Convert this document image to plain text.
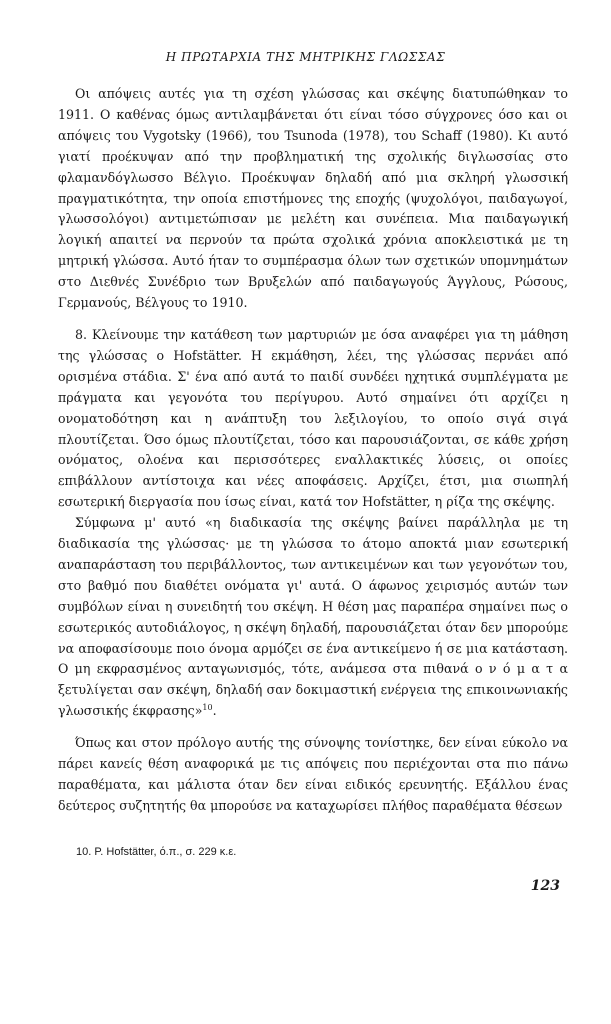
Η ΠΡΩΤΑΡΧΙΑ ΤΗΣ ΜΗΤΡΙΚΗΣ ΓΛΩΣΣΑΣ

Οι απόψεις αυτές για τη σχέση γλώσσας και σκέψης διατυπώθηκαν το 1911. Ο καθένας όμως αντιλαμβάνεται ότι είναι τόσο σύγχρονες όσο και οι απόψεις του Vygotsky (1966), του Tsunoda (1978), του Schaff (1980). Κι αυτό γιατί προέκυψαν από την προβληματική της σχολικής διγλωσσίας στο φλαμανδόγλωσσο Βέλγιο. Προέκυψαν δηλαδή από μια σκληρή γλωσσική πραγματικότητα, την οποία επιστήμονες της εποχής (ψυχολόγοι, παιδαγωγοί, γλωσσολόγοι) αντιμετώπισαν με μελέτη και συνέπεια. Μια παιδαγωγική λογική απαιτεί να περνούν τα πρώτα σχολικά χρόνια αποκλειστικά με τη μητρική γλώσσα. Αυτό ήταν το συμπέρασμα όλων των σχετικών υπομνημάτων στο Διεθνές Συνέδριο των Βρυξελών από παιδαγωγούς Άγγλους, Ρώσους, Γερμανούς, Βέλγους το 1910.

8. Κλείνουμε την κατάθεση των μαρτυριών με όσα αναφέρει για τη μάθηση της γλώσσας ο Hofstätter. Η εκμάθηση, λέει, της γλώσσας περνάει από ορισμένα στάδια. Σ' ένα από αυτά το παιδί συνδέει ηχητικά συμπλέγματα με πράγματα και γεγονότα του περίγυρου. Αυτό σημαίνει ότι αρχίζει η ονοματοδότηση και η ανάπτυξη του λεξιλογίου, το οποίο σιγά σιγά πλουτίζεται. Όσο όμως πλουτίζεται, τόσο και παρουσιάζονται, σε κάθε χρήση ονόματος, ολοένα και περισσότερες εναλλακτικές λύσεις, οι οποίες επιβάλλουν αντίστοιχα και νέες αποφάσεις. Αρχίζει, έτσι, μια σιωπηλή εσωτερική διεργασία που ίσως είναι, κατά τον Hofstätter, η ρίζα της σκέψης.

Σύμφωνα μ' αυτό «η διαδικασία της σκέψης βαίνει παράλληλα με τη διαδικασία της γλώσσας· με τη γλώσσα το άτομο αποκτά μιαν εσωτερική αναπαράσταση του περιβάλλοντος, των αντικειμένων και των γεγονότων του, στο βαθμό που διαθέτει ονόματα γι' αυτά. Ο άφωνος χειρισμός αυτών των συμβόλων είναι η συνειδητή του σκέψη. Η θέση μας παραπέρα σημαίνει πως ο εσωτερικός αυτοδιάλογος, η σκέψη δηλαδή, παρουσιάζεται όταν δεν μπορούμε να αποφασίσουμε ποιο όνομα αρμόζει σε ένα αντικείμενο ή σε μια κατάσταση. Ο μη εκφρασμένος ανταγωνισμός, τότε, ανάμεσα στα πιθανά ο ν ό μ α τ α ξετυλίγεται σαν σκέψη, δηλαδή σαν δοκιμαστική ενέργεια της επικοινωνιακής γλωσσικής έκφρασης»$^{10}$.

Όπως και στον πρόλογο αυτής της σύνοψης τονίστηκε, δεν είναι εύκολο να πάρει κανείς θέση αναφορικά με τις απόψεις που περιέχονται στα πιο πάνω παραθέματα, και μάλιστα όταν δεν είναι ειδικός ερευνητής. Εξάλλου ένας δεύτερος συζητητής θα μπορούσε να καταχωρίσει πλήθος παραθέματα θέσεων

10. P. Hofstätter, ό.π., σ. 229 κ.ε.
123
